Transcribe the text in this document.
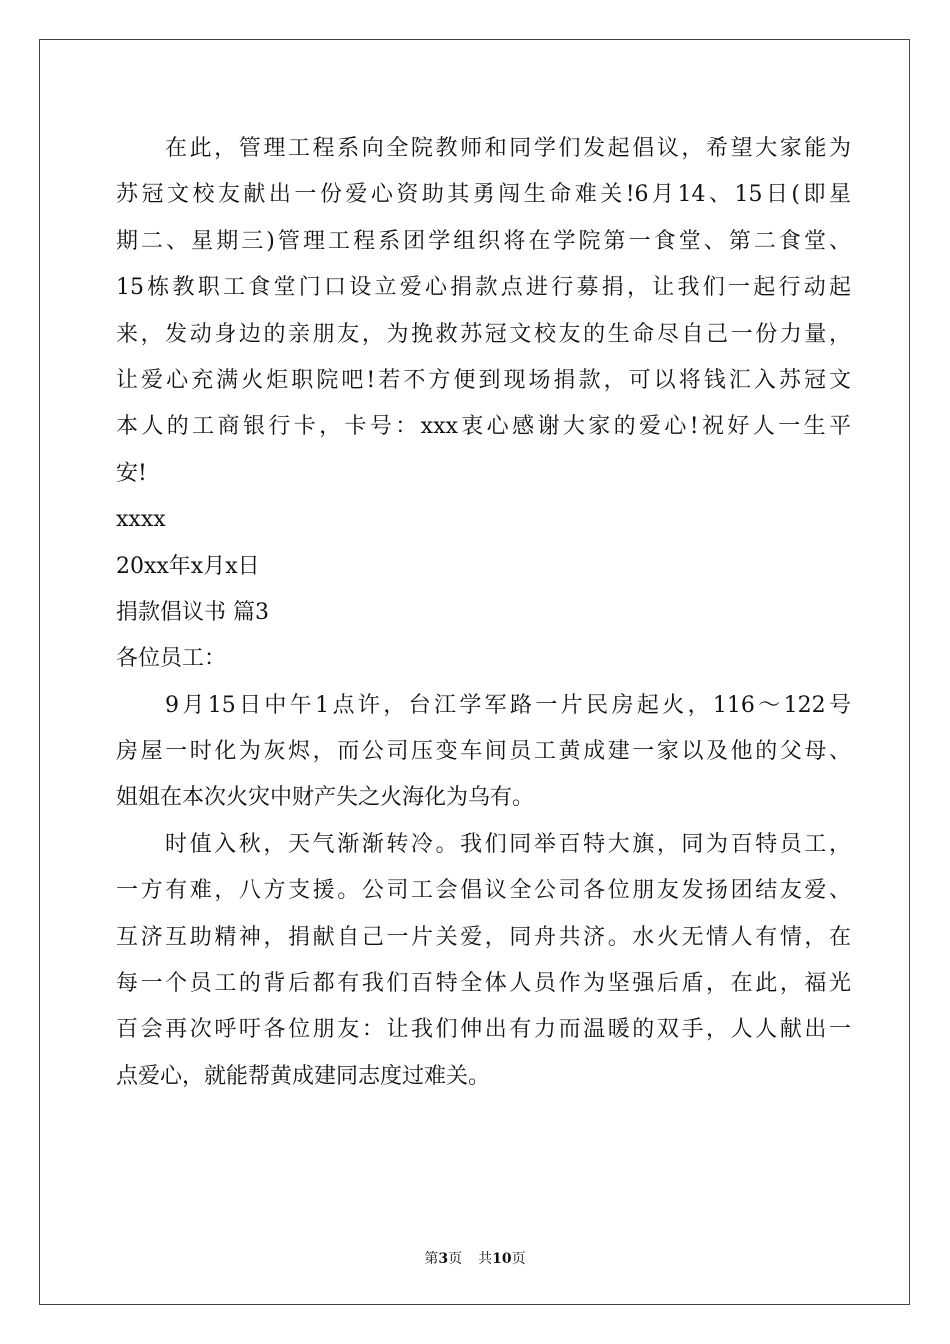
在此，管理工程系向全院教师和同学们发起倡议，希望大家能为
苏冠文校友献出一份爱心资助其勇闯生命难关!6月14、15日(即星
期二、星期三)管理工程系团学组织将在学院第一食堂、第二食堂、
15栋教职工食堂门口设立爱心捐款点进行募捐，让我们一起行动起
来，发动身边的亲朋友，为挽救苏冠文校友的生命尽自己一份力量，
让爱心充满火炬职院吧!若不方便到现场捐款，可以将钱汇入苏冠文
本人的工商银行卡，卡号：xxx衷心感谢大家的爱心!祝好人一生平
安!
xxxx
20xx年x月x日
捐款倡议书 篇3
各位员工：
9月15日中午1点许，台江学军路一片民房起火，116～122号
房屋一时化为灰烬，而公司压变车间员工黄成建一家以及他的父母、
姐姐在本次火灾中财产失之火海化为乌有。
时值入秋，天气渐渐转冷。我们同举百特大旗，同为百特员工，
一方有难，八方支援。公司工会倡议全公司各位朋友发扬团结友爱、
互济互助精神，捐献自己一片关爱，同舟共济。水火无情人有情，在
每一个员工的背后都有我们百特全体人员作为坚强后盾，在此，福光
百会再次呼吁各位朋友：让我们伸出有力而温暖的双手，人人献出一
点爱心，就能帮黄成建同志度过难关。
第3页 共10页
